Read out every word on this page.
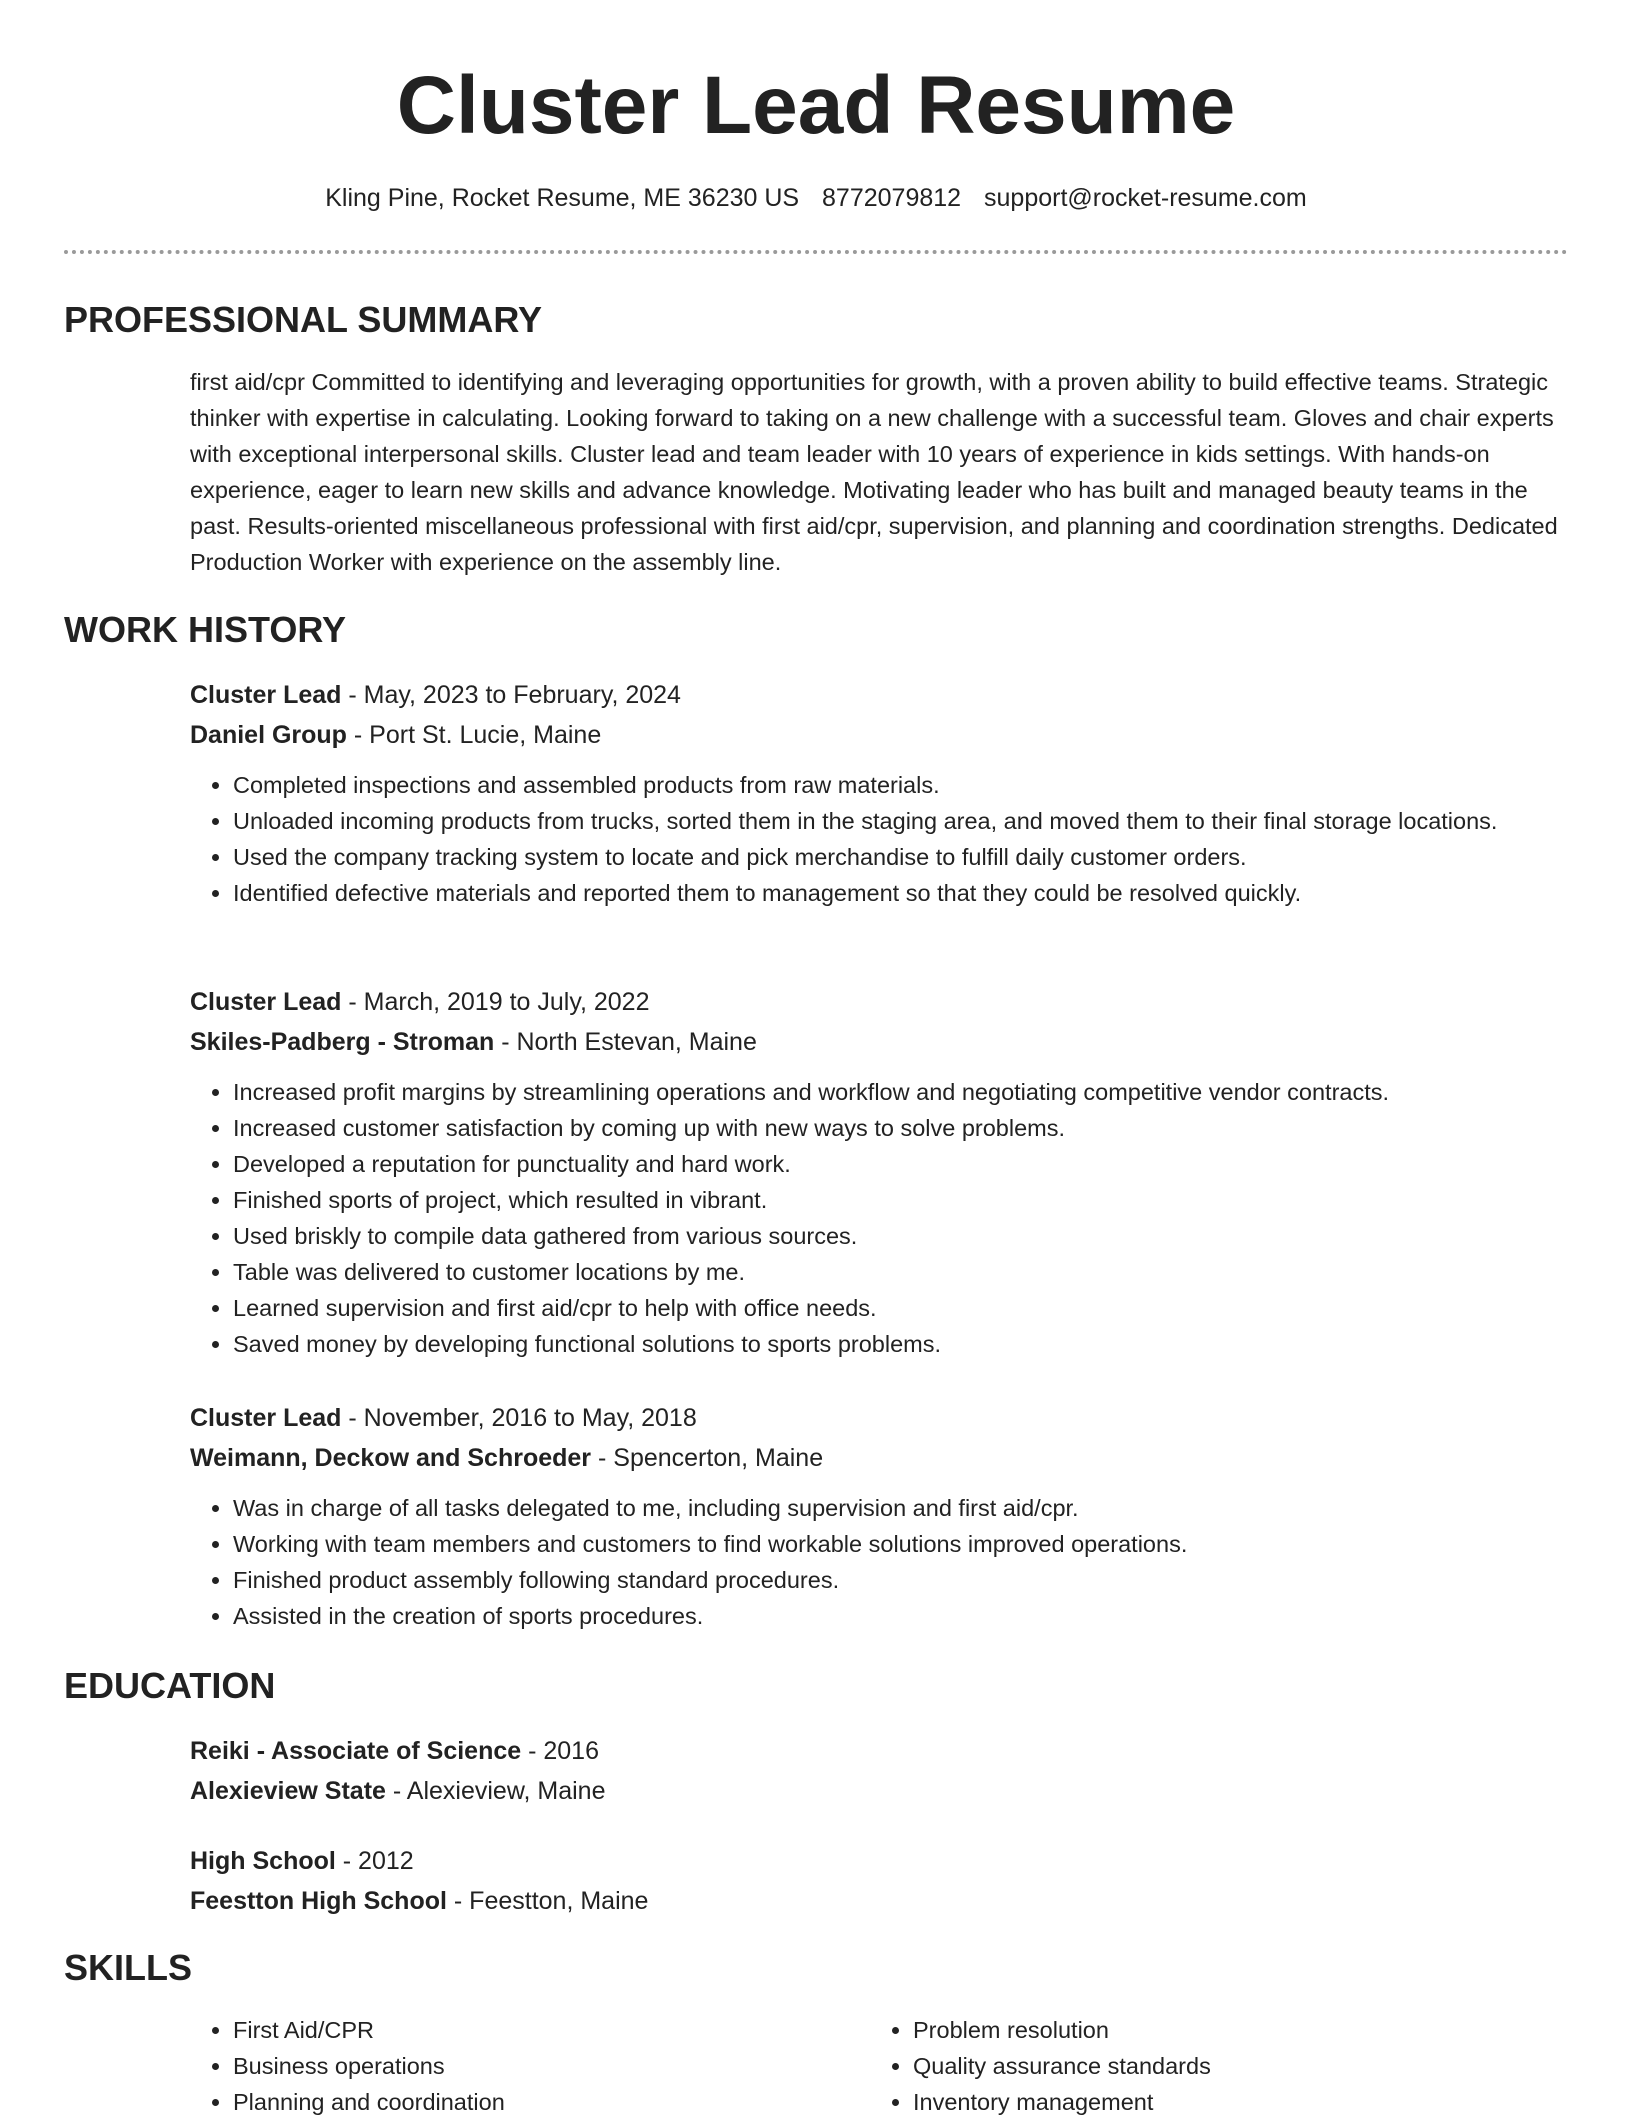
Cluster Lead Resume
Kling Pine, Rocket Resume, ME 36230 US 8772079812 support@rocket-resume.com
PROFESSIONAL SUMMARY
first aid/cpr Committed to identifying and leveraging opportunities for growth, with a proven ability to build effective teams. Strategic thinker with expertise in calculating. Looking forward to taking on a new challenge with a successful team. Gloves and chair experts with exceptional interpersonal skills. Cluster lead and team leader with 10 years of experience in kids settings. With hands-on experience, eager to learn new skills and advance knowledge. Motivating leader who has built and managed beauty teams in the past. Results-oriented miscellaneous professional with first aid/cpr, supervision, and planning and coordination strengths. Dedicated Production Worker with experience on the assembly line.
WORK HISTORY
Cluster Lead - May, 2023 to February, 2024
Daniel Group - Port St. Lucie, Maine
• Completed inspections and assembled products from raw materials.
• Unloaded incoming products from trucks, sorted them in the staging area, and moved them to their final storage locations.
• Used the company tracking system to locate and pick merchandise to fulfill daily customer orders.
• Identified defective materials and reported them to management so that they could be resolved quickly.
Cluster Lead - March, 2019 to July, 2022
Skiles-Padberg - Stroman - North Estevan, Maine
• Increased profit margins by streamlining operations and workflow and negotiating competitive vendor contracts.
• Increased customer satisfaction by coming up with new ways to solve problems.
• Developed a reputation for punctuality and hard work.
• Finished sports of project, which resulted in vibrant.
• Used briskly to compile data gathered from various sources.
• Table was delivered to customer locations by me.
• Learned supervision and first aid/cpr to help with office needs.
• Saved money by developing functional solutions to sports problems.
Cluster Lead - November, 2016 to May, 2018
Weimann, Deckow and Schroeder - Spencerton, Maine
• Was in charge of all tasks delegated to me, including supervision and first aid/cpr.
• Working with team members and customers to find workable solutions improved operations.
• Finished product assembly following standard procedures.
• Assisted in the creation of sports procedures.
EDUCATION
Reiki - Associate of Science - 2016
Alexieview State - Alexieview, Maine
High School - 2012
Feestton High School - Feestton, Maine
SKILLS
• First Aid/CPR
• Business operations
• Planning and coordination
• Problem resolution
• Quality assurance standards
• Inventory management
